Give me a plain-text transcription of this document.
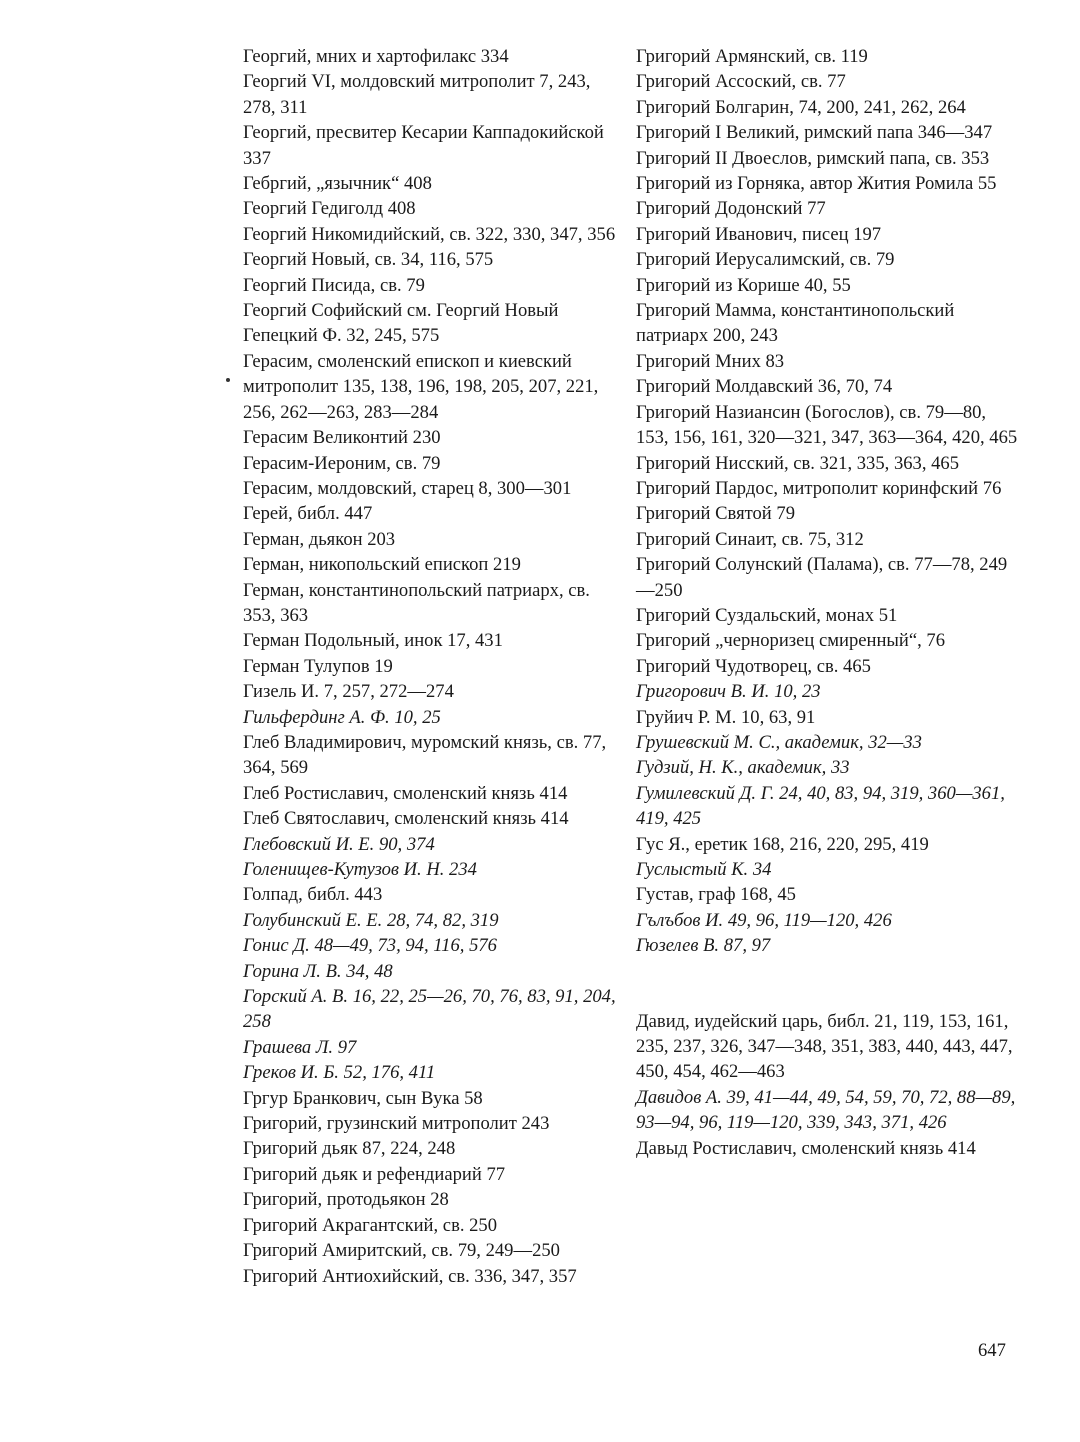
Георгий, мних и хартофилакс 334
Георгий VI, молдовский митрополит 7, 243, 278, 311
Георгий, пресвитер Кесарии Каппадокийской 337
Гебргий, „язычник“ 408
Георгий Гедиголд 408
Георгий Никомидийский, св. 322, 330, 347, 356
Георгий Новый, св. 34, 116, 575
Георгий Писида, св. 79
Георгий Софийский см. Георгий Новый
Гепецкий Ф. 32, 245, 575
Герасим, смоленский епископ и киевский митрополит 135, 138, 196, 198, 205, 207, 221, 256, 262—263, 283—284
Герасим Великонтий 230
Герасим-Иероним, св. 79
Герасим, молдовский, старец 8, 300—301
Герей, библ. 447
Герман, дьякон 203
Герман, никопольский епископ 219
Герман, константинопольский патриарх, св. 353, 363
Герман Подольный, инок 17, 431
Герман Тулупов 19
Гизель И. 7, 257, 272—274
Гильфердинг А. Ф. 10, 25
Глеб Владимирович, муромский князь, св. 77, 364, 569
Глеб Ростиславич, смоленский князь 414
Глеб Святославич, смоленский князь 414
Глебовский И. Е. 90, 374
Голенищев-Кутузов И. Н. 234
Голпад, библ. 443
Голубинский Е. Е. 28, 74, 82, 319
Гонис Д. 48—49, 73, 94, 116, 576
Горина Л. В. 34, 48
Горский А. В. 16, 22, 25—26, 70, 76, 83, 91, 204, 258
Грашева Л. 97
Греков И. Б. 52, 176, 411
Гргур Бранкович, сын Вука 58
Григорий, грузинский митрополит 243
Григорий дьяк 87, 224, 248
Григорий дьяк и рефендиарий 77
Григорий, протодьякон 28
Григорий Акрагантский, св. 250
Григорий Амиритский, св. 79, 249—250
Григорий Антиохийский, св. 336, 347, 357
Григорий Армянский, св. 119
Григорий Ассоский, св. 77
Григорий Болгарин, 74, 200, 241, 262, 264
Григорий I Великий, римский папа 346—347
Григорий II Двоеслов, римский папа, св. 353
Григорий из Горняка, автор Жития Ромила 55
Григорий Додонский 77
Григорий Иванович, писец 197
Григорий Иерусалимский, св. 79
Григорий из Корише 40, 55
Григорий Мамма, константинопольский патриарх 200, 243
Григорий Мних 83
Григорий Молдавский 36, 70, 74
Григорий Назиансин (Богослов), св. 79—80, 153, 156, 161, 320—321, 347, 363—364, 420, 465
Григорий Нисский, св. 321, 335, 363, 465
Григорий Пардос, митрополит коринфский 76
Григорий Святой 79
Григорий Синаит, св. 75, 312
Григорий Солунский (Палама), св. 77—78, 249—250
Григорий Суздальский, монах 51
Григорий „черноризец смиренный“, 76
Григорий Чудотворец, св. 465
Григорович В. И. 10, 23
Груйич Р. М. 10, 63, 91
Грушевский М. С., академик, 32—33
Гудзий, Н. К., академик, 33
Гумилевский Д. Г. 24, 40, 83, 94, 319, 360—361, 419, 425
Гус Я., еретик 168, 216, 220, 295, 419
Гуслыстый К. 34
Густав, граф 168, 45
Гълъбов И. 49, 96, 119—120, 426
Гюзелев В. 87, 97
Давид, иудейский царь, библ. 21, 119, 153, 161, 235, 237, 326, 347—348, 351, 383, 440, 443, 447, 450, 454, 462—463
Давидов А. 39, 41—44, 49, 54, 59, 70, 72, 88—89, 93—94, 96, 119—120, 339, 343, 371, 426
Давыд Ростиславич, смоленский князь 414
647
